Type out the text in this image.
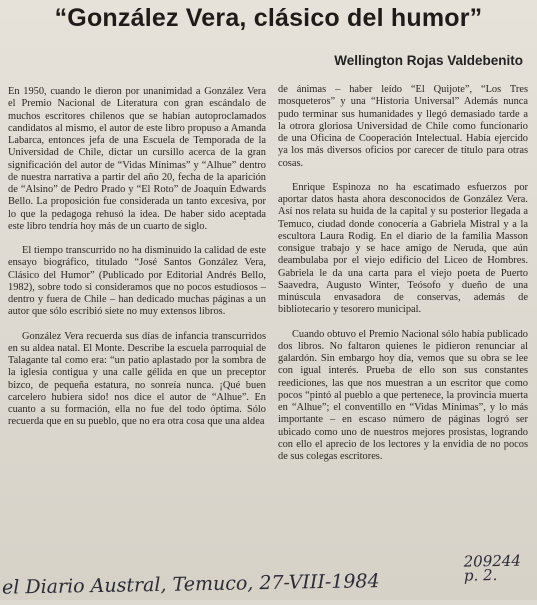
“González Vera, clásico del humor”
Wellington Rojas Valdebenito

En 1950, cuando le dieron por unanimidad a González Vera el Premio Nacional de Literatura con gran escándalo de muchos escritores chilenos que se habían autoproclamados candidatos al mismo, el autor de este libro propuso a Amanda Labarca, entonces jefa de una Escuela de Temporada de la Universidad de Chile, dictar un cursillo acerca de la gran significación del autor de “Vidas Mínimas” y “Alhue” dentro de nuestra narrativa a partir del año 20, fecha de la aparición de “Alsino” de Pedro Prado y “El Roto” de Joaquín Edwards Bello. La proposición fue considerada un tanto excesiva, por lo que la pedagoga rehusó la idea. De haber sido aceptada este libro tendría hoy más de un cuarto de siglo.

El tiempo transcurrido no ha disminuido la calidad de este ensayo biográfico, titulado “José Santos González Vera, Clásico del Humor” (Publicado por Editorial Andrés Bello, 1982), sobre todo si consideramos que no pocos estudiosos – dentro y fuera de Chile – han dedicado muchas páginas a un autor que sólo escribió siete no muy extensos libros.

González Vera recuerda sus días de infancia transcurridos en su aldea natal. El Monte. Describe la escuela parroquial de Talagante tal como era: “un patio aplastado por la sombra de la iglesia contigua y una calle gélida en que un preceptor bizco, de pequeña estatura, no sonreía nunca. ¡Qué buen carcelero hubiera sido! nos dice el autor de “Alhue”. En cuanto a su formación, ella no fue del todo óptima. Sólo recuerda que en su pueblo, que no era otra cosa que una aldea

de ánimas – haber leído “El Quijote”, “Los Tres mosqueteros” y una “Historia Universal” Además nunca pudo terminar sus humanidades y llegó demasiado tarde a la otrora gloriosa Universidad de Chile como funcionario de una Oficina de Cooperación Intelectual. Había ejercido ya los más diversos oficios por carecer de título para otras cosas.

Enrique Espinoza no ha escatimado esfuerzos por aportar datos hasta ahora desconocidos de González Vera. Así nos relata su huida de la capital y su posterior llegada a Temuco, ciudad donde conocería a Gabriela Mistral y a la escultora Laura Rodig. En el diario de la familia Masson consigue trabajo y se hace amigo de Neruda, que aún deambulaba por el viejo edificio del Liceo de Hombres. Gabriela le da una carta para el viejo poeta de Puerto Saavedra, Augusto Winter, Teósofo y dueño de una minúscula envasadora de conservas, además de bibliotecario y tesorero municipal.

Cuando obtuvo el Premio Nacional sólo había publicado dos libros. No faltaron quienes le pidieron renunciar al galardón. Sin embargo hoy día, vemos que su obra se lee con igual interés. Prueba de ello son sus constantes reediciones, las que nos muestran a un escritor que como pocos “pintó al pueblo a que pertenece, la provincia muerta en “Alhue”; el conventillo en “Vidas Mínimas”, y lo más importante – en escaso número de páginas logró ser ubicado como uno de nuestros mejores prosistas, logrando con ello el aprecio de los lectores y la envidia de no pocos de sus colegas escritores.

el Diario Austral, Temuco, 27-VIII-1984
209244
p. 2.
